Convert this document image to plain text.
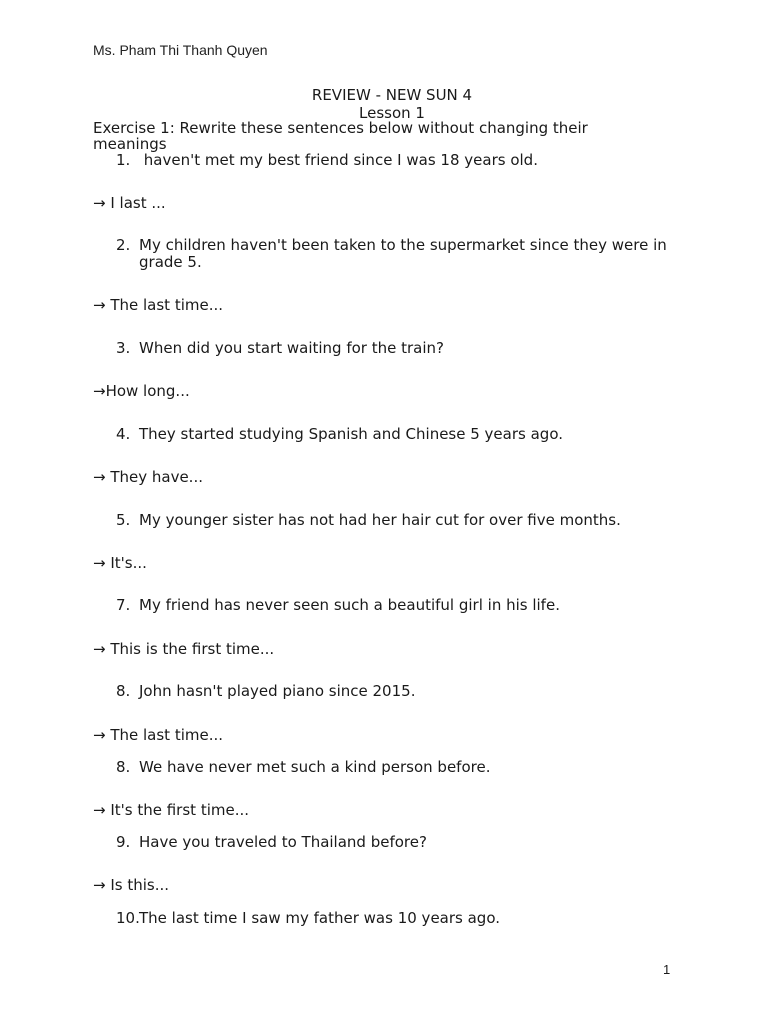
Ms. Pham Thi Thanh Quyen
REVIEW - NEW SUN 4
Lesson 1
Exercise 1: Rewrite these sentences below without changing their meanings
1. haven't met my best friend since I was 18 years old.
→ I last ...
2. My children haven't been taken to the supermarket since they were in grade 5.
→ The last time...
3. When did you start waiting for the train?
→How long...
4. They started studying Spanish and Chinese 5 years ago.
→ They have...
5. My younger sister has not had her hair cut for over five months.
→ It's...
7. My friend has never seen such a beautiful girl in his life.
→ This is the first time...
8. John hasn't played piano since 2015.
→ The last time...
8. We have never met such a kind person before.
→ It's the first time...
9. Have you traveled to Thailand before?
→ Is this...
10. The last time I saw my father was 10 years ago.
1
